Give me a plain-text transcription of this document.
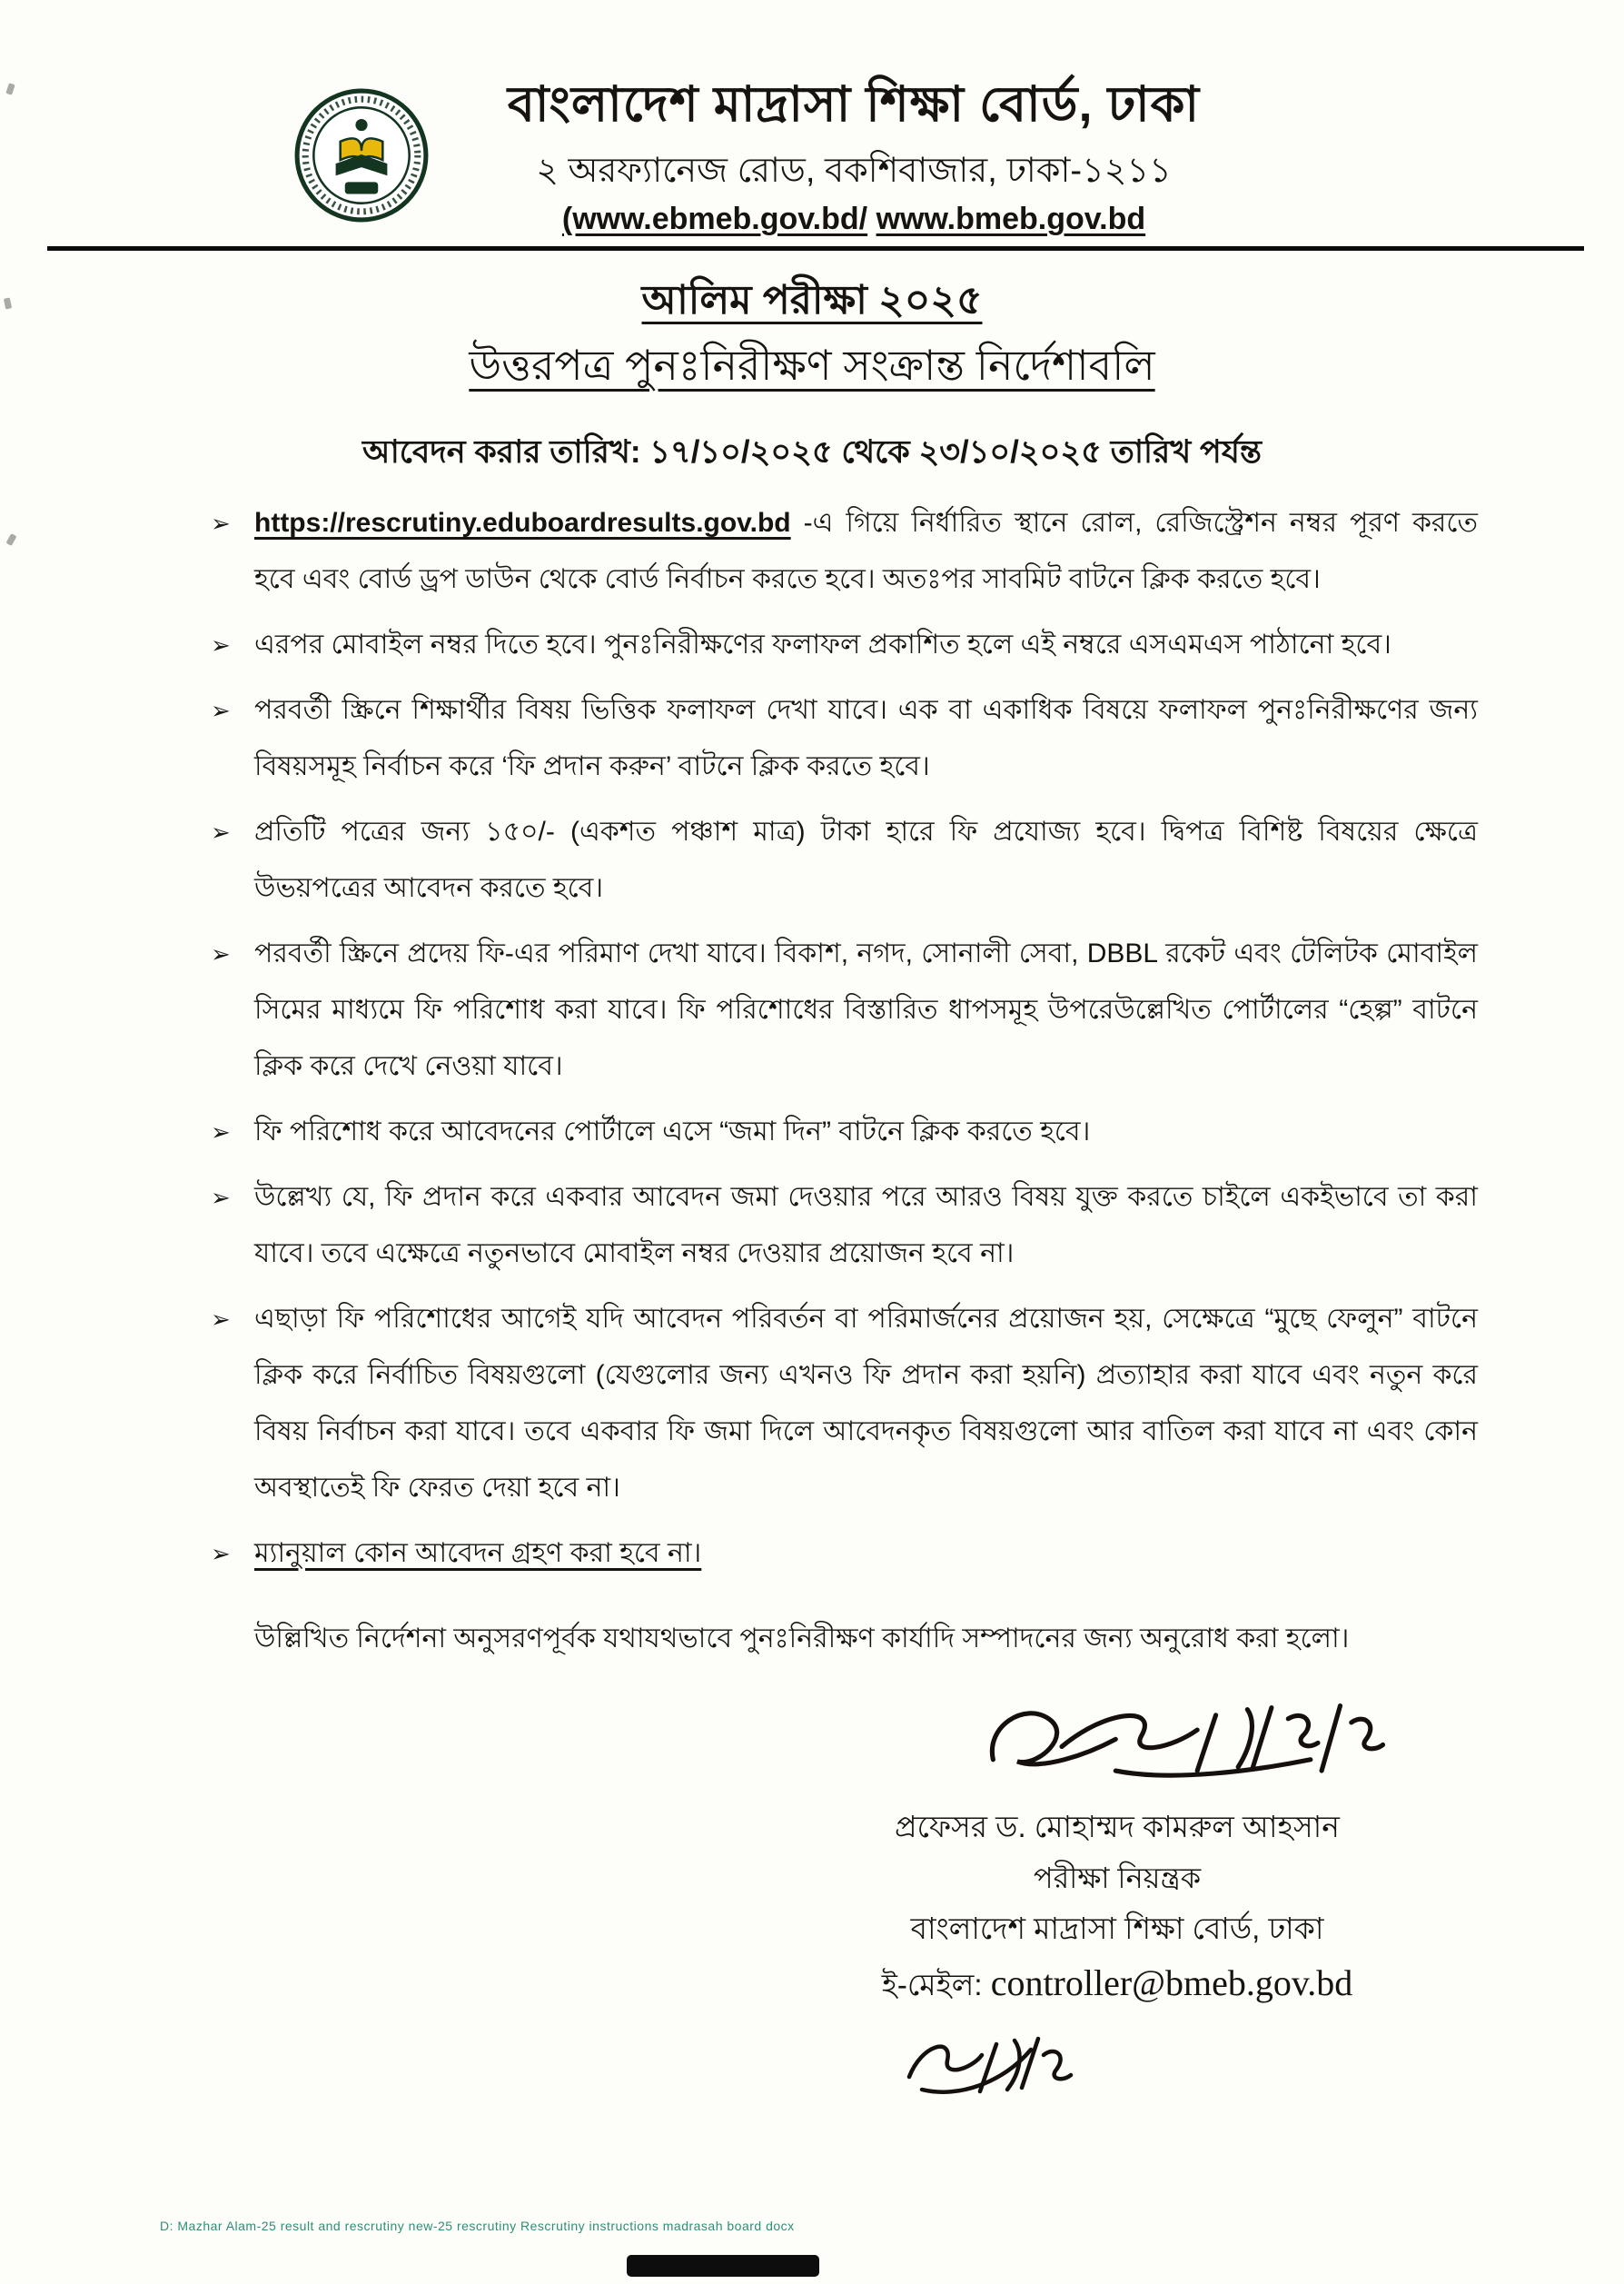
বাংলাদেশ মাদ্রাসা শিক্ষা বোর্ড, ঢাকা
২ অরফ্যানেজ রোড, বকশিবাজার, ঢাকা-১২১১
(www.ebmeb.gov.bd/ www.bmeb.gov.bd
আলিম পরীক্ষা ২০২৫
উত্তরপত্র পুনঃনিরীক্ষণ সংক্রান্ত নির্দেশাবলি
আবেদন করার তারিখ: ১৭/১০/২০২৫ থেকে ২৩/১০/২০২৫ তারিখ পর্যন্ত
➢ https://rescrutiny.eduboardresults.gov.bd -এ গিয়ে নির্ধারিত স্থানে রোল, রেজিস্ট্রেশন নম্বর পূরণ করতে হবে এবং বোর্ড ড্রপ ডাউন থেকে বোর্ড নির্বাচন করতে হবে। অতঃপর সাবমিট বাটনে ক্লিক করতে হবে।
➢ এরপর মোবাইল নম্বর দিতে হবে। পুনঃনিরীক্ষণের ফলাফল প্রকাশিত হলে এই নম্বরে এসএমএস পাঠানো হবে।
➢ পরবর্তী স্ক্রিনে শিক্ষার্থীর বিষয় ভিত্তিক ফলাফল দেখা যাবে। এক বা একাধিক বিষয়ে ফলাফল পুনঃনিরীক্ষণের জন্য বিষয়সমূহ নির্বাচন করে ‘ফি প্রদান করুন’ বাটনে ক্লিক করতে হবে।
➢ প্রতিটি পত্রের জন্য ১৫০/- (একশত পঞ্চাশ মাত্র) টাকা হারে ফি প্রযোজ্য হবে। দ্বিপত্র বিশিষ্ট বিষয়ের ক্ষেত্রে উভয়পত্রের আবেদন করতে হবে।
➢ পরবর্তী স্ক্রিনে প্রদেয় ফি-এর পরিমাণ দেখা যাবে। বিকাশ, নগদ, সোনালী সেবা, DBBL রকেট এবং টেলিটক মোবাইল সিমের মাধ্যমে ফি পরিশোধ করা যাবে। ফি পরিশোধের বিস্তারিত ধাপসমূহ উপরেউল্লেখিত পোর্টালের “হেল্প” বাটনে ক্লিক করে দেখে নেওয়া যাবে।
➢ ফি পরিশোধ করে আবেদনের পোর্টালে এসে “জমা দিন” বাটনে ক্লিক করতে হবে।
➢ উল্লেখ্য যে, ফি প্রদান করে একবার আবেদন জমা দেওয়ার পরে আরও বিষয় যুক্ত করতে চাইলে একইভাবে তা করা যাবে। তবে এক্ষেত্রে নতুনভাবে মোবাইল নম্বর দেওয়ার প্রয়োজন হবে না।
➢ এছাড়া ফি পরিশোধের আগেই যদি আবেদন পরিবর্তন বা পরিমার্জনের প্রয়োজন হয়, সেক্ষেত্রে “মুছে ফেলুন” বাটনে ক্লিক করে নির্বাচিত বিষয়গুলো (যেগুলোর জন্য এখনও ফি প্রদান করা হয়নি) প্রত্যাহার করা যাবে এবং নতুন করে বিষয় নির্বাচন করা যাবে। তবে একবার ফি জমা দিলে আবেদনকৃত বিষয়গুলো আর বাতিল করা যাবে না এবং কোন অবস্থাতেই ফি ফেরত দেয়া হবে না।
➢ ম্যানুয়াল কোন আবেদন গ্রহণ করা হবে না।
উল্লিখিত নির্দেশনা অনুসরণপূর্বক যথাযথভাবে পুনঃনিরীক্ষণ কার্যাদি সম্পাদনের জন্য অনুরোধ করা হলো।
প্রফেসর ড. মোহাম্মদ কামরুল আহসান
পরীক্ষা নিয়ন্ত্রক
বাংলাদেশ মাদ্রাসা শিক্ষা বোর্ড, ঢাকা
ই-মেইল: controller@bmeb.gov.bd
D: Mazhar Alam-25 result and rescrutiny new-25 rescrutiny Rescrutiny instructions madrasah board docx
